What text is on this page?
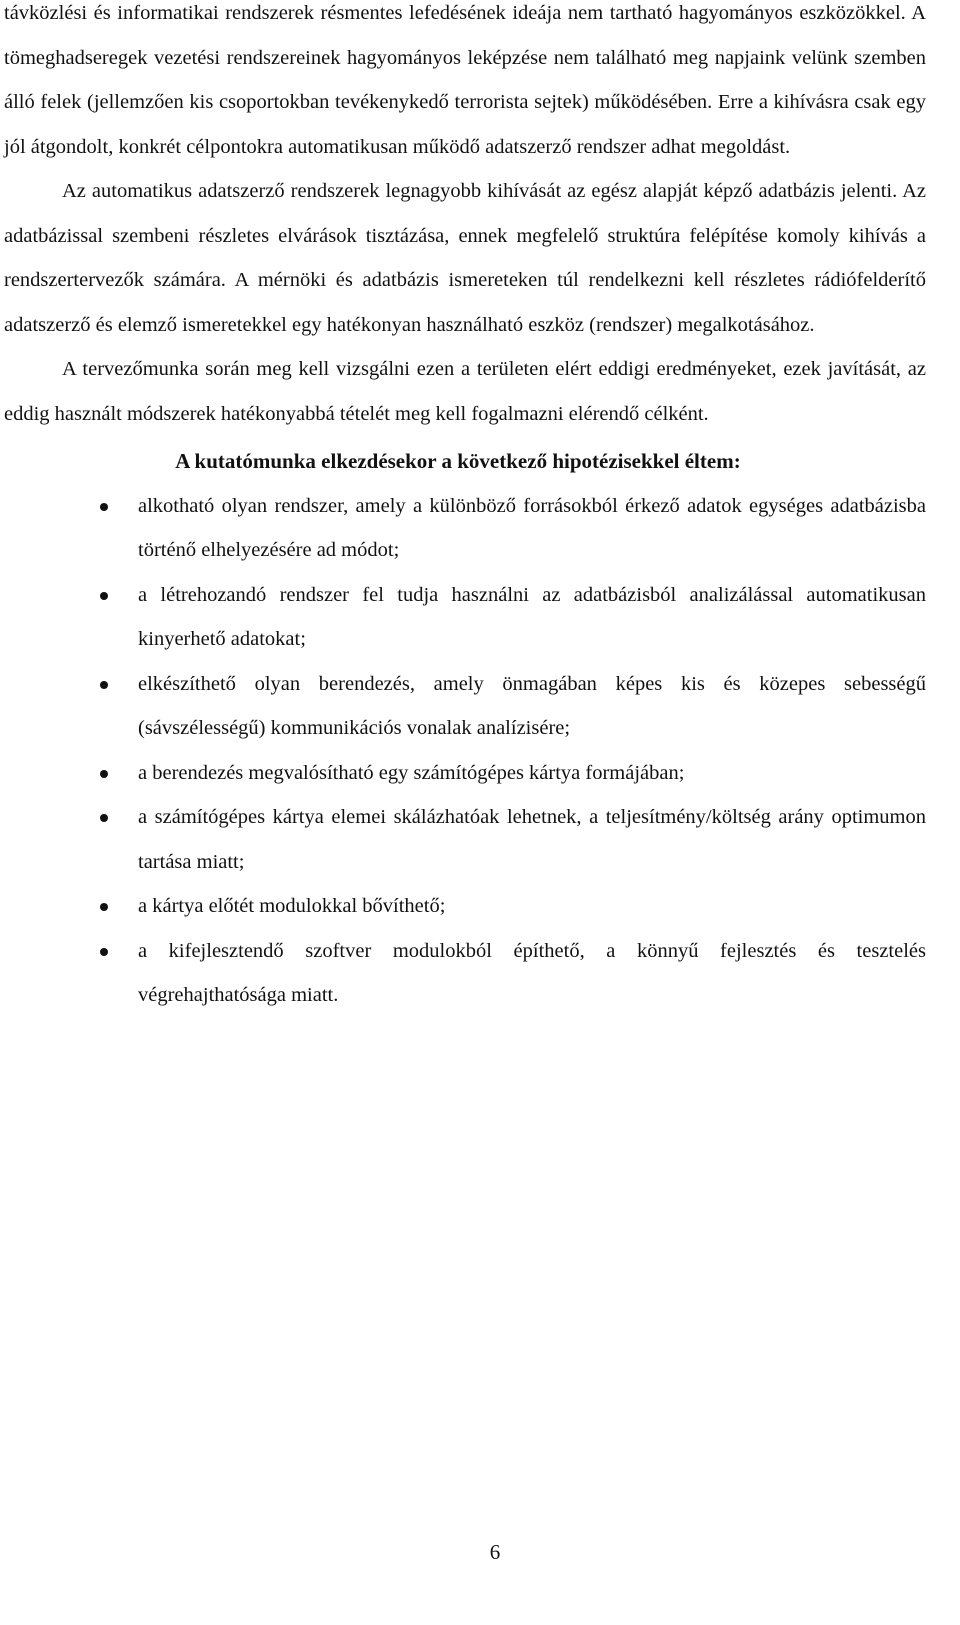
távközlési és informatikai rendszerek résmentes lefedésének ideája nem tartható hagyományos eszközökkel. A tömeghadseregek vezetési rendszereinek hagyományos leképzése nem található meg napjaink velünk szemben álló felek (jellemzően kis csoportokban tevékenykedő terrorista sejtek) működésében. Erre a kihívásra csak egy jól átgondolt, konkrét célpontokra automatikusan működő adatszerző rendszer adhat megoldást.

Az automatikus adatszerző rendszerek legnagyobb kihívását az egész alapját képző adatbázis jelenti. Az adatbázissal szembeni részletes elvárások tisztázása, ennek megfelelő struktúra felépítése komoly kihívás a rendszertervezők számára. A mérnöki és adatbázis ismereteken túl rendelkezni kell részletes rádiófelderítő adatszerző és elemző ismeretekkel egy hatékonyan használható eszköz (rendszer) megalkotásához.

A tervezőmunka során meg kell vizsgálni ezen a területen elért eddigi eredményeket, ezek javítását, az eddig használt módszerek hatékonyabbá tételét meg kell fogalmazni elérendő célként.

A kutatómunka elkezdésekor a következő hipotézisekkel éltem:
alkotható olyan rendszer, amely a különböző forrásokból érkező adatok egységes adatbázisba történő elhelyezésére ad módot;
a létrehozandó rendszer fel tudja használni az adatbázisból analizálással automatikusan kinyerhető adatokat;
elkészíthető olyan berendezés, amely önmagában képes kis és közepes sebességű (sávszélességű) kommunikációs vonalak analízisére;
a berendezés megvalósítható egy számítógépes kártya formájában;
a számítógépes kártya elemei skálázhatóak lehetnek, a teljesítmény/költség arány optimumon tartása miatt;
a kártya előtét modulokkal bővíthető;
a kifejlesztendő szoftver modulokból építhető, a könnyű fejlesztés és tesztelés végrehajthatósága miatt.
6
